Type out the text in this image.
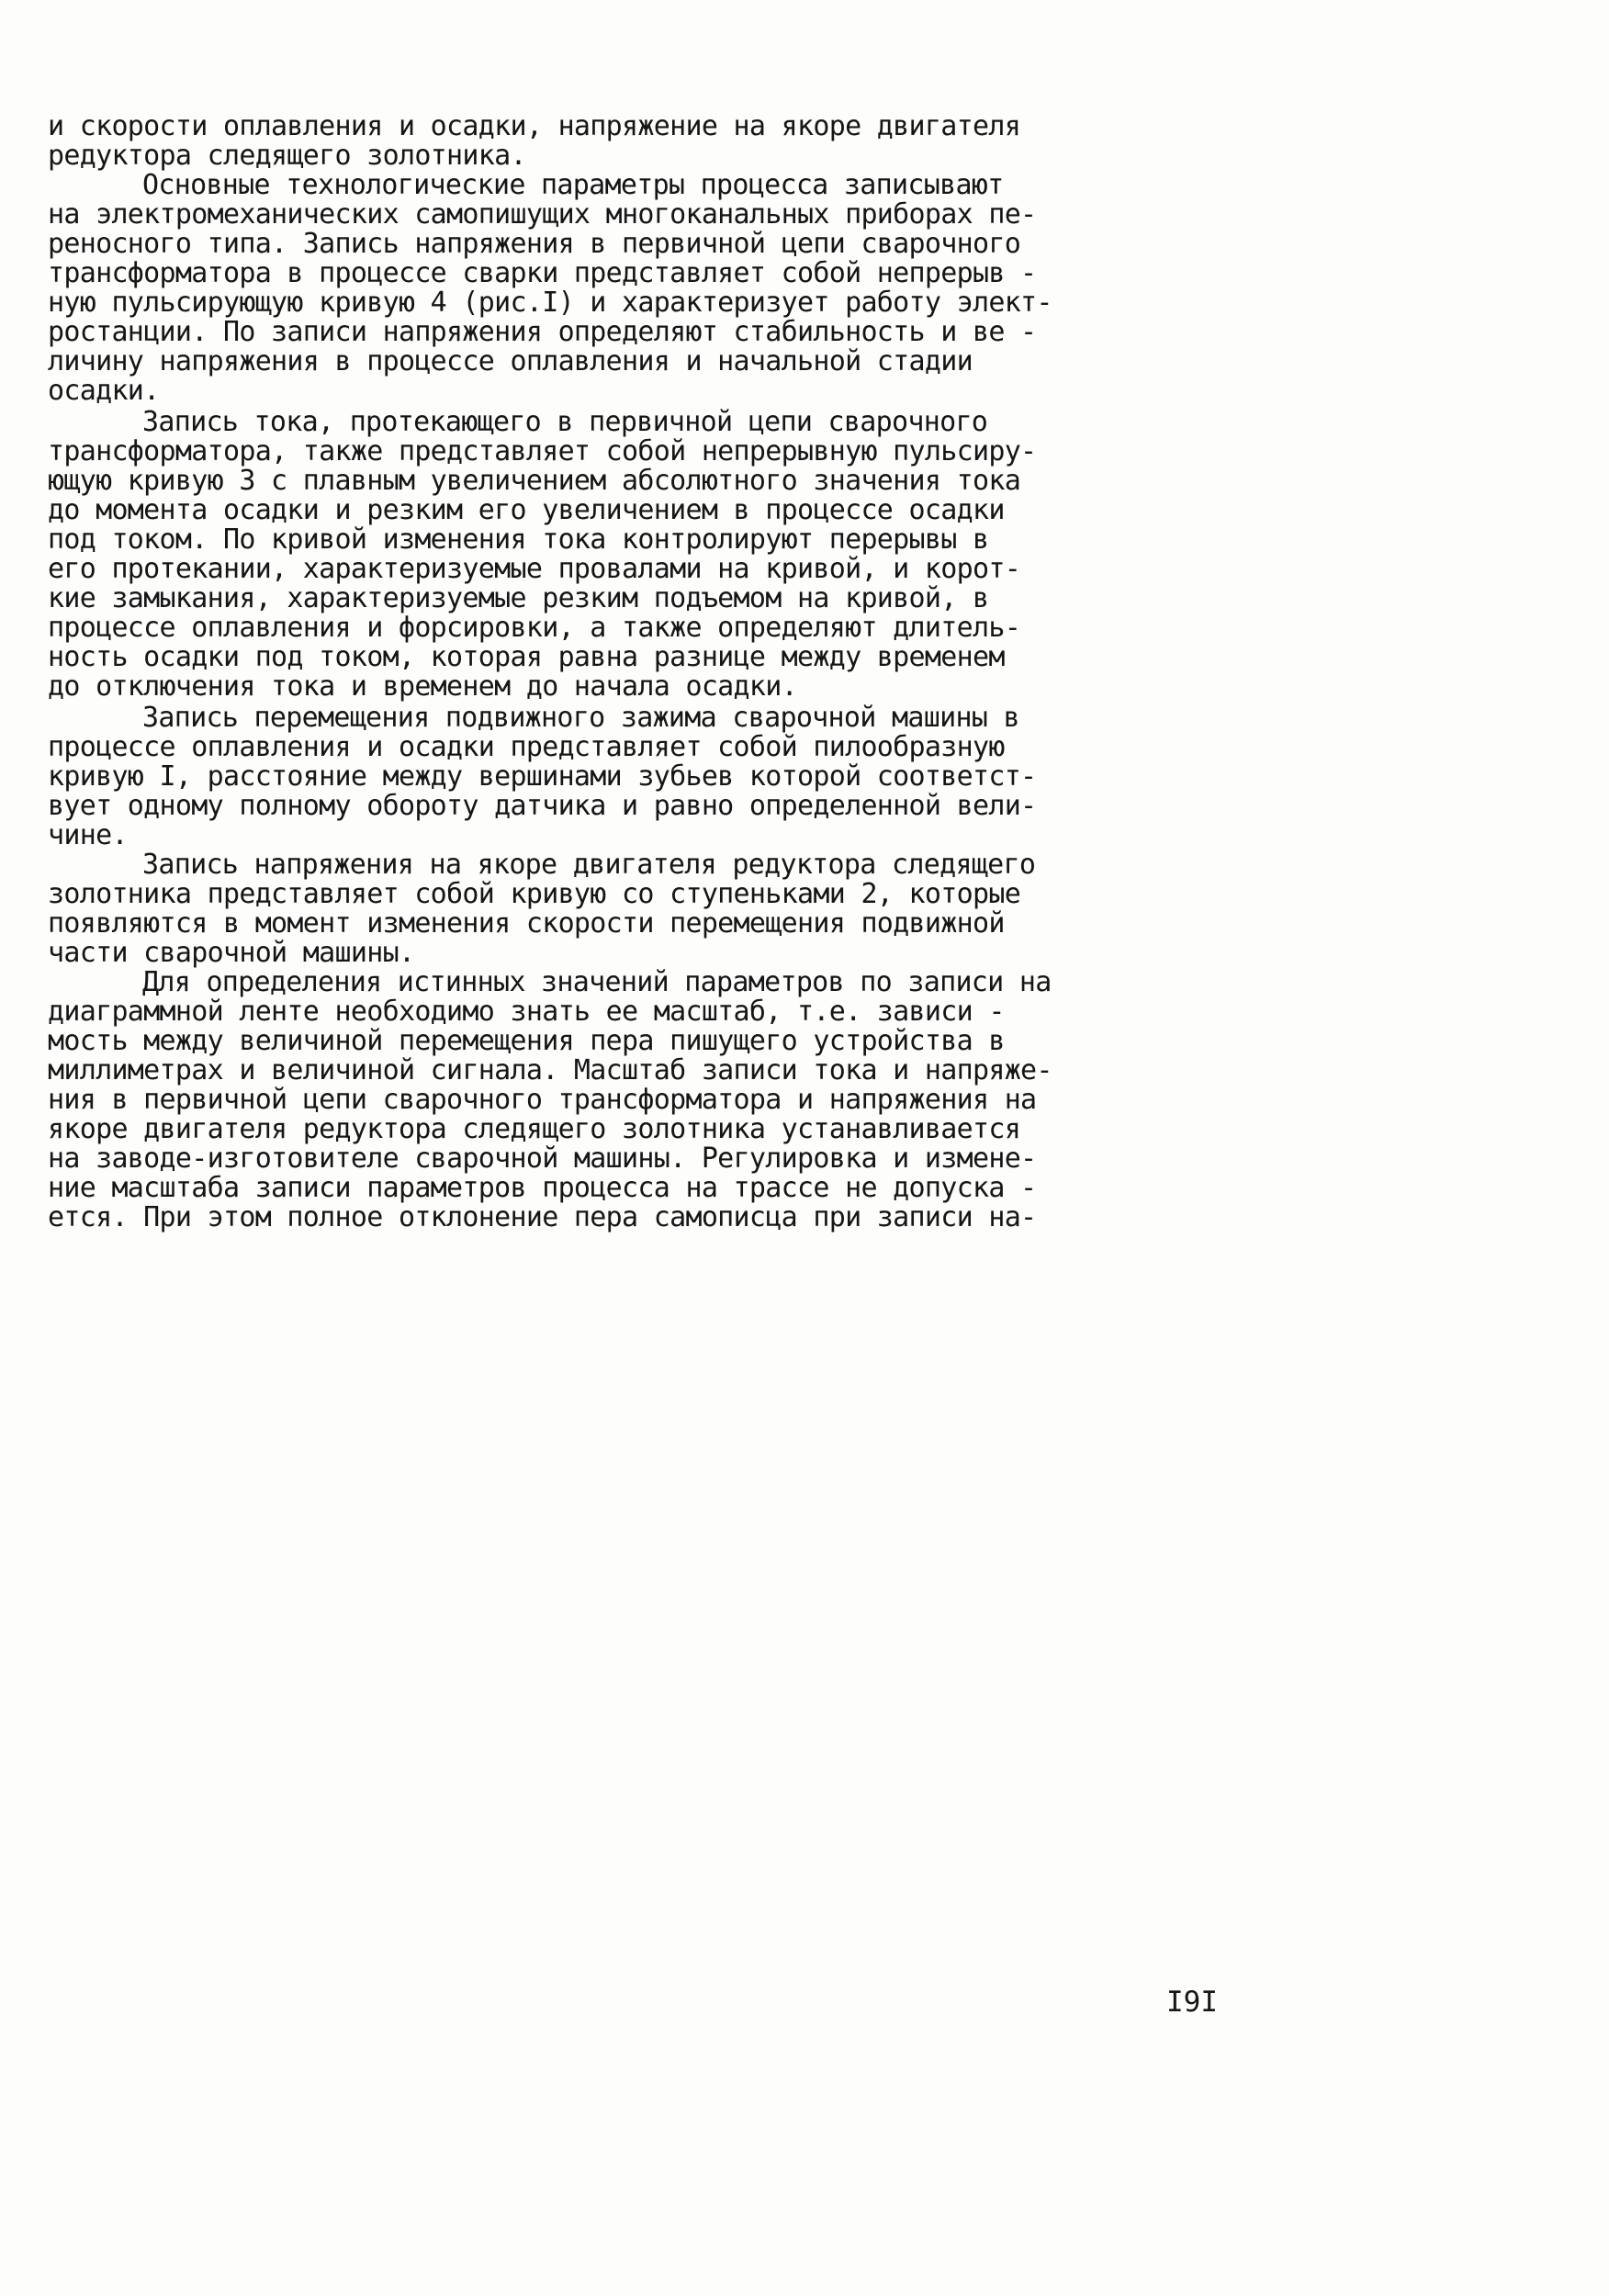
и скорости оплавления и осадки, напряжение на якоре двигателя
редуктора следящего золотника.
Основные технологические параметры процесса записывают
на электромеханических самопишущих многоканальных приборах пе-
реносного типа. Запись напряжения в первичной цепи сварочного
трансформатора в процессе сварки представляет собой непрерыв -
ную пульсирующую кривую 4 (рис.I) и характеризует работу элект-
ростанции. По записи напряжения определяют стабильность и ве -
личину напряжения в процессе оплавления и начальной стадии
осадки.
Запись тока, протекающего в первичной цепи сварочного
трансформатора, также представляет собой непрерывную пульсиру-
ющую кривую 3 с плавным увеличением абсолютного значения тока
до момента осадки и резким его увеличением в процессе осадки
под током. По кривой изменения тока контролируют перерывы в
его протекании, характеризуемые провалами на кривой, и корот-
кие замыкания, характеризуемые резким подъемом на кривой, в
процессе оплавления и форсировки, а также определяют длитель-
ность осадки под током, которая равна разнице между временем
до отключения тока и временем до начала осадки.
Запись перемещения подвижного зажима сварочной машины в
процессе оплавления и осадки представляет собой пилообразную
кривую I, расстояние между вершинами зубьев которой соответст-
вует одному полному обороту датчика и равно определенной вели-
чине.
Запись напряжения на якоре двигателя редуктора следящего
золотника представляет собой кривую со ступеньками 2, которые
появляются в момент изменения скорости перемещения подвижной
части сварочной машины.
Для определения истинных значений параметров по записи на
диаграммной ленте необходимо знать ее масштаб, т.е. зависи -
мость между величиной перемещения пера пишущего устройства в
миллиметрах и величиной сигнала. Масштаб записи тока и напряже-
ния в первичной цепи сварочного трансформатора и напряжения на
якоре двигателя редуктора следящего золотника устанавливается
на заводе-изготовителе сварочной машины. Регулировка и измене-
ние масштаба записи параметров процесса на трассе не допуска -
ется. При этом полное отклонение пера самописца при записи на-
I9I
